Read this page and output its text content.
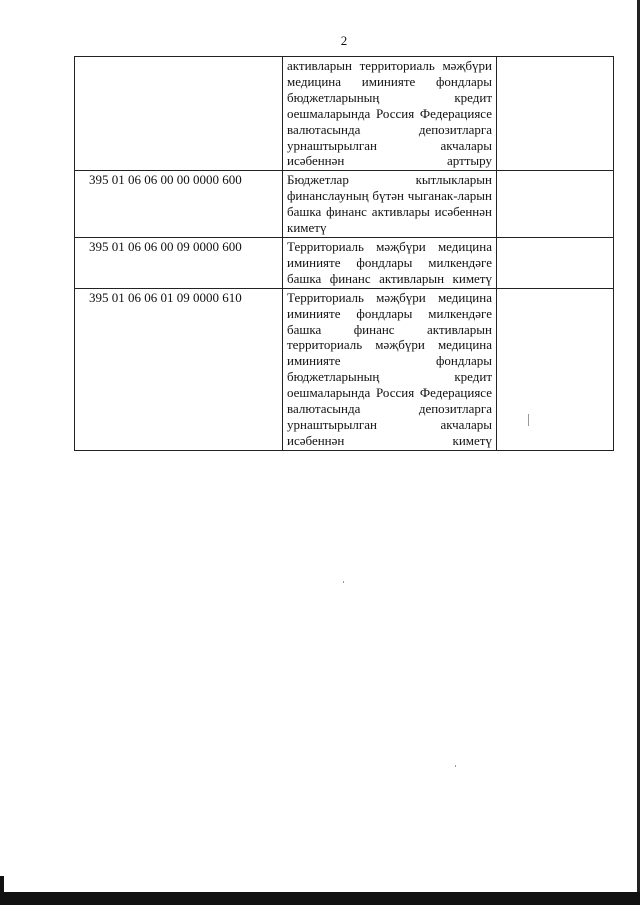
2

	активларын территориаль мәҗбүри медицина иминияте фондлары бюджетларының кредит оешмаларында Россия Федерациясе валютасында депозитларга урнаштырылган акчалары исәбеннән арттыру	

395 01 06 06 00 00 0000 600	Бюджетлар кытлыкларын финанслауның бүтән чыганак-ларын башка финанс активлары исәбеннән киметү	

395 01 06 06 00 09 0000 600	Территориаль мәҗбүри медицина иминияте фондлары милкендәге башка финанс активларын киметү	

395 01 06 06 01 09 0000 610	Территориаль мәҗбүри медицина иминияте фондлары милкендәге башка финанс активларын территориаль мәҗбүри медицина иминияте фондлары бюджетларының кредит оешмаларында Россия Федерациясе валютасында депозитларга урнаштырылган акчалары исәбеннән киметү	
